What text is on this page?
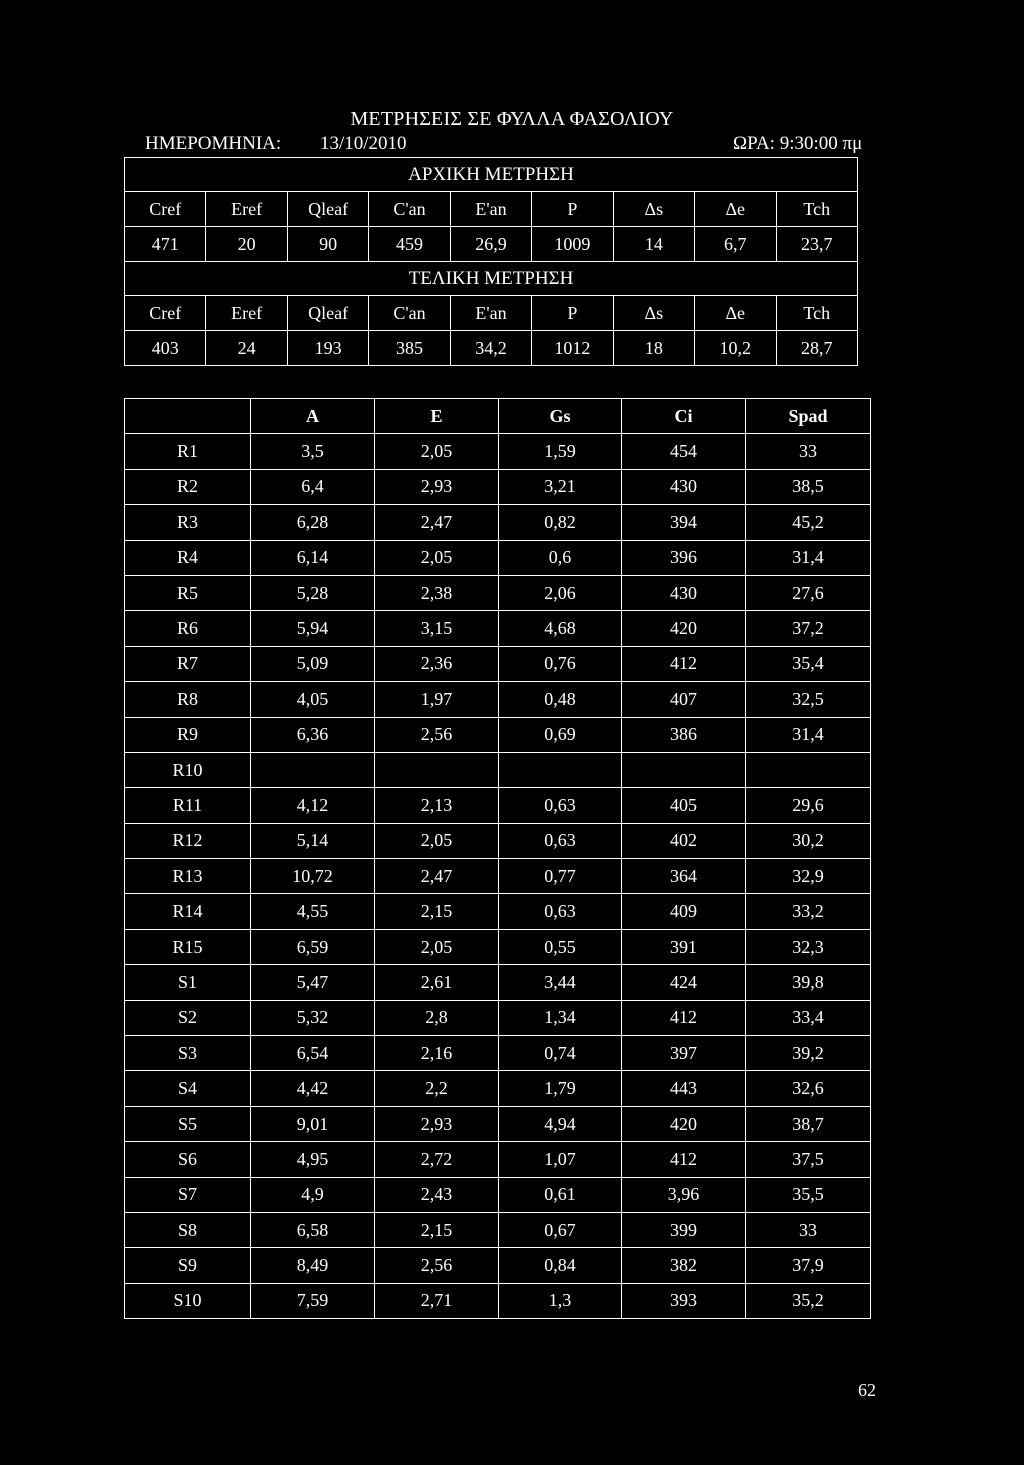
ΜΕΤΡΗΣΕΙΣ ΣΕ ΦΥΛΛΑ ΦΑΣΟΛΙΟΥ
ΗΜΕΡΟΜΗΝΙΑ: 13/10/2010	ΩΡΑ: 9:30:00 πμ
ΑΡΧΙΚΗ ΜΕΤΡΗΣΗ								
Cref	Eref	Qleaf	C'an	E'an	P	Δs	Δe	Tch
471	20	90	459	26,9	1009	14	6,7	23,7
ΤΕΛΙΚΗ ΜΕΤΡΗΣΗ								
Cref	Eref	Qleaf	C'an	E'an	P	Δs	Δe	Tch
403	24	193	385	34,2	1012	18	10,2	28,7
	A	E	Gs	Ci	Spad
R1	3,5	2,05	1,59	454	33
R2	6,4	2,93	3,21	430	38,5
R3	6,28	2,47	0,82	394	45,2
R4	6,14	2,05	0,6	396	31,4
R5	5,28	2,38	2,06	430	27,6
R6	5,94	3,15	4,68	420	37,2
R7	5,09	2,36	0,76	412	35,4
R8	4,05	1,97	0,48	407	32,5
R9	6,36	2,56	0,69	386	31,4
R10					
R11	4,12	2,13	0,63	405	29,6
R12	5,14	2,05	0,63	402	30,2
R13	10,72	2,47	0,77	364	32,9
R14	4,55	2,15	0,63	409	33,2
R15	6,59	2,05	0,55	391	32,3
S1	5,47	2,61	3,44	424	39,8
S2	5,32	2,8	1,34	412	33,4
S3	6,54	2,16	0,74	397	39,2
S4	4,42	2,2	1,79	443	32,6
S5	9,01	2,93	4,94	420	38,7
S6	4,95	2,72	1,07	412	37,5
S7	4,9	2,43	0,61	3,96	35,5
S8	6,58	2,15	0,67	399	33
S9	8,49	2,56	0,84	382	37,9
S10	7,59	2,71	1,3	393	35,2
62
